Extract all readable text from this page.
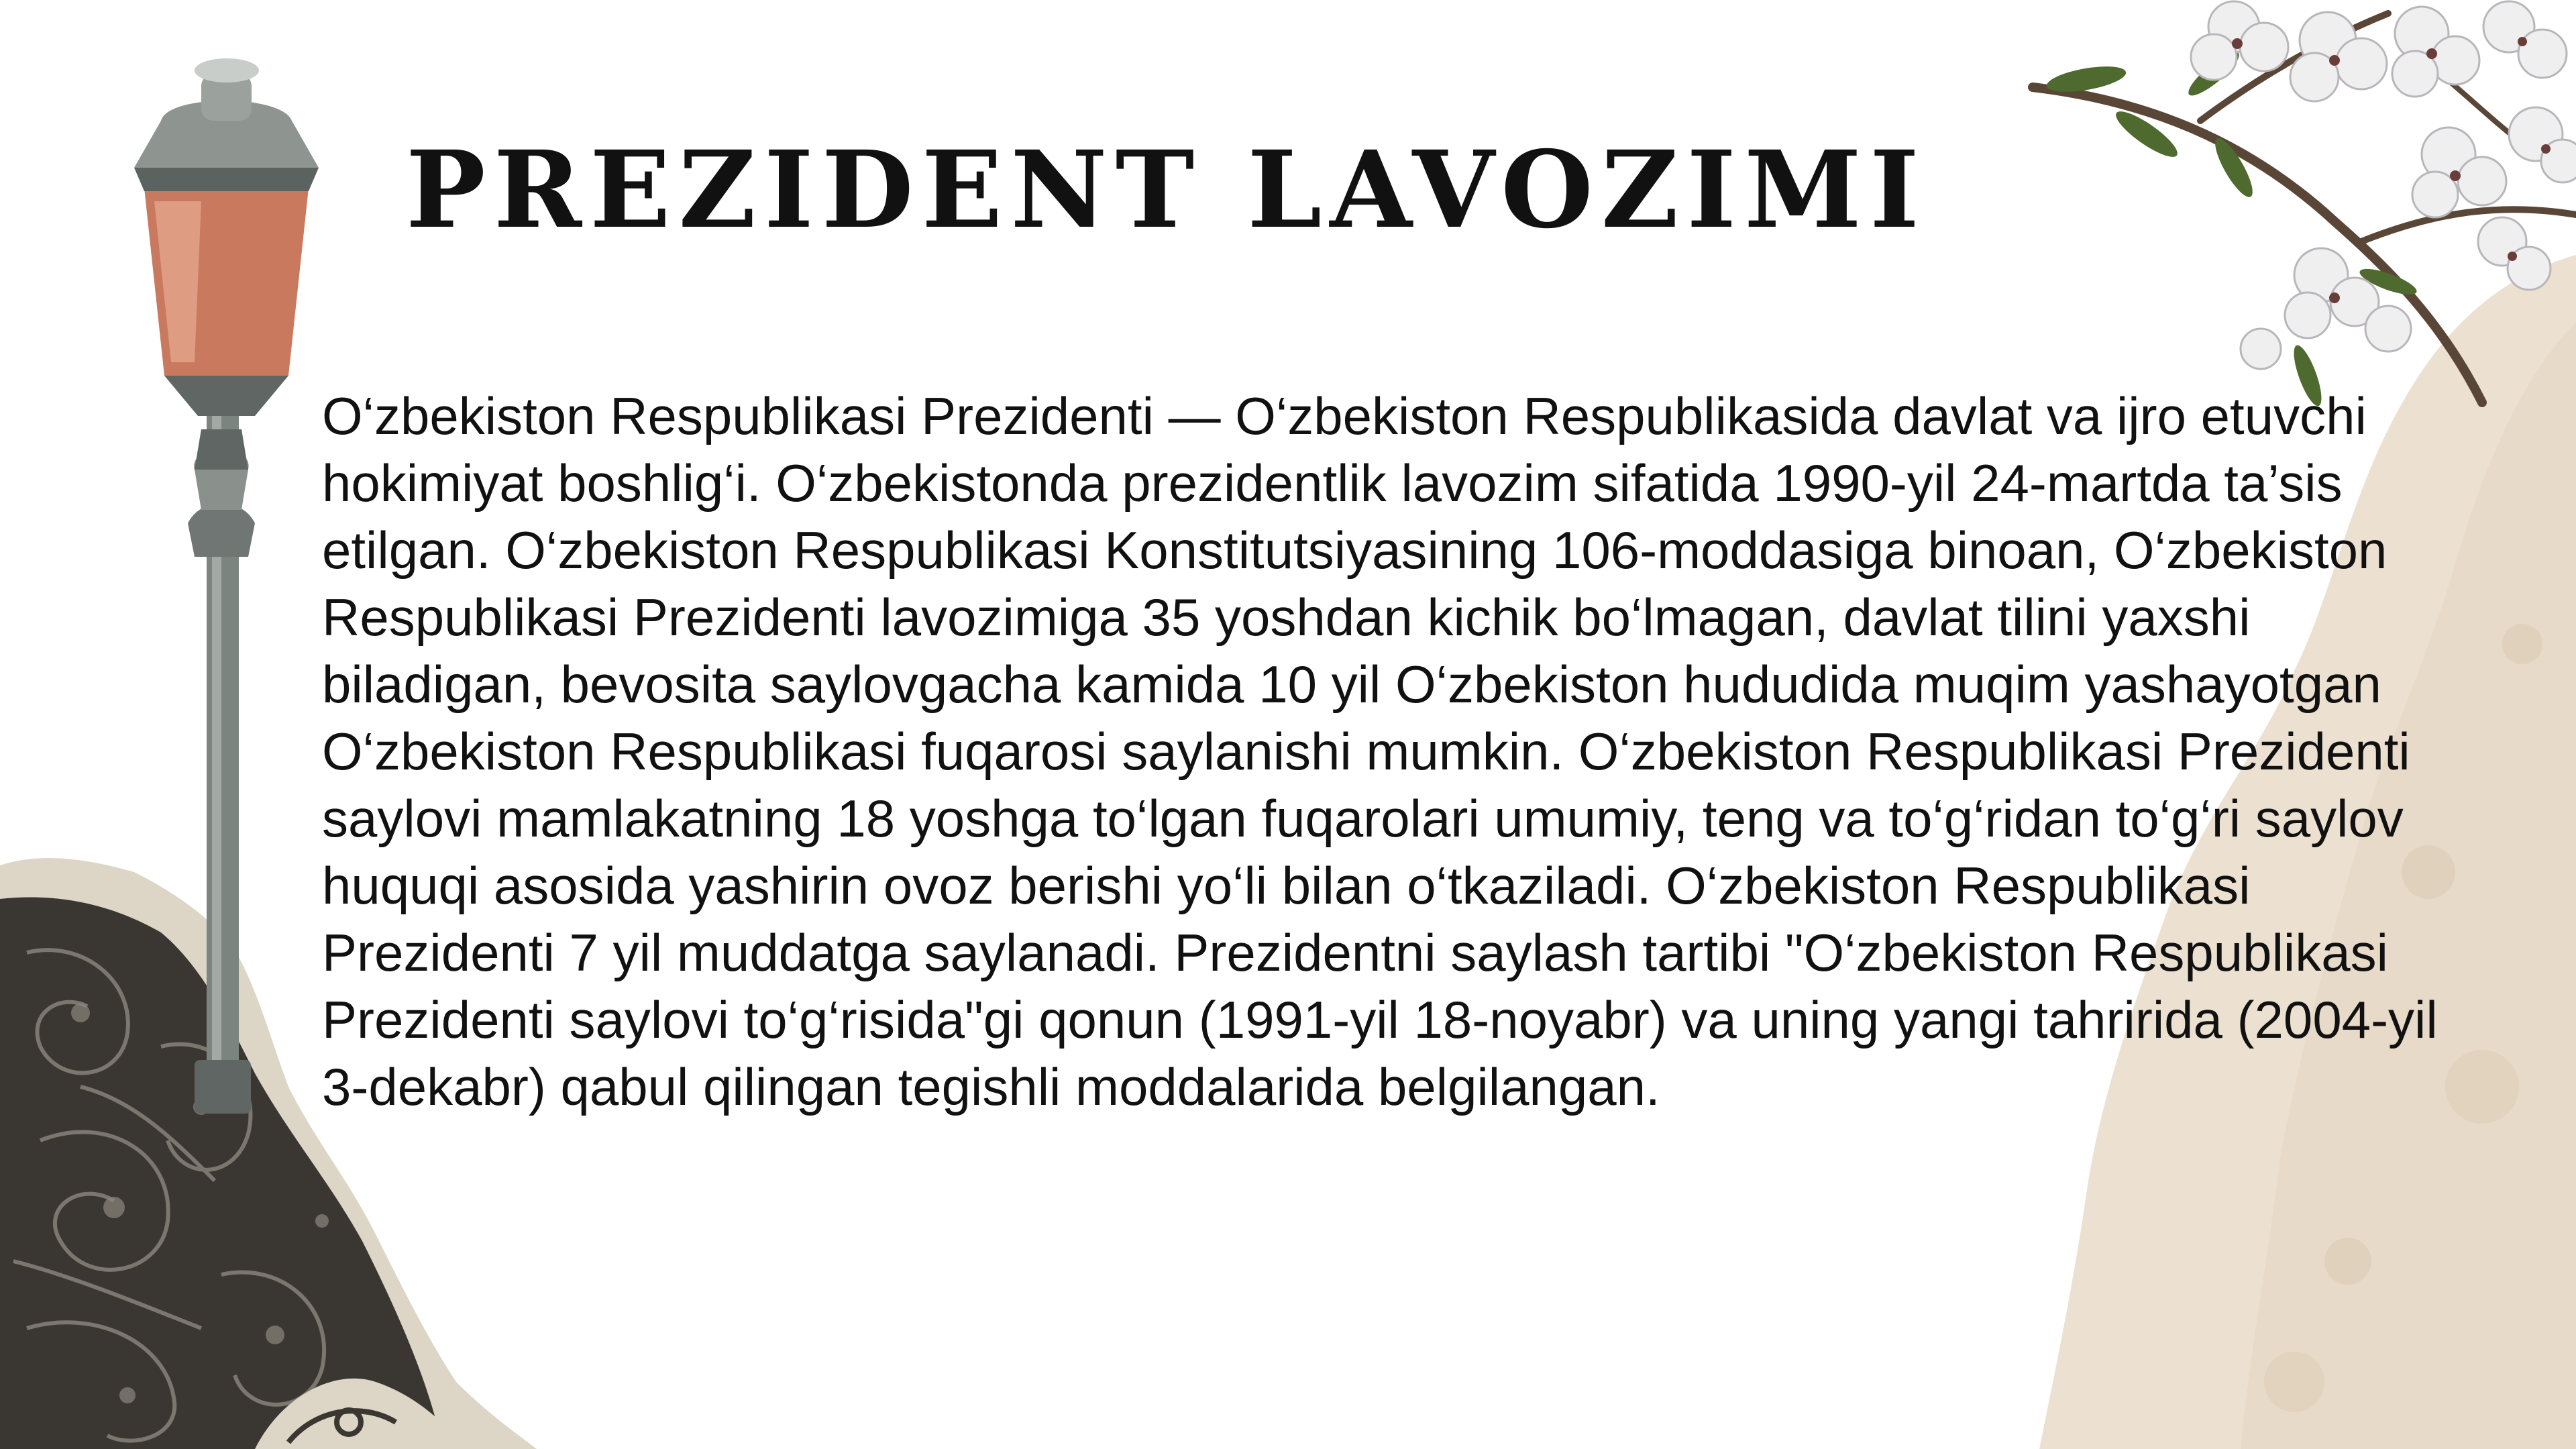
PREZIDENT LAVOZIMI

O‘zbekiston Respublikasi Prezidenti — O‘zbekiston Respublikasida davlat va ijro etuvchi hokimiyat boshlig‘i. O‘zbekistonda prezidentlik lavozim sifatida 1990-yil 24-martda ta’sis etilgan. O‘zbekiston Respublikasi Konstitutsiyasining 106-moddasiga binoan, O‘zbekiston Respublikasi Prezidenti lavozimiga 35 yoshdan kichik bo‘lmagan, davlat tilini yaxshi biladigan, bevosita saylovgacha kamida 10 yil O‘zbekiston hududida muqim yashayotgan O‘zbekiston Respublikasi fuqarosi saylanishi mumkin. O‘zbekiston Respublikasi Prezidenti saylovi mamlakatning 18 yoshga to‘lgan fuqarolari umumiy, teng va to‘g‘ridan to‘g‘ri saylov huquqi asosida yashirin ovoz berishi yo‘li bilan o‘tkaziladi. O‘zbekiston Respublikasi Prezidenti 7 yil muddatga saylanadi. Prezidentni saylash tartibi "O‘zbekiston Respublikasi Prezidenti saylovi to‘g‘risida"gi qonun (1991-yil 18-noyabr) va uning yangi tahririda (2004-yil 3-dekabr) qabul qilingan tegishli moddalarida belgilangan.
